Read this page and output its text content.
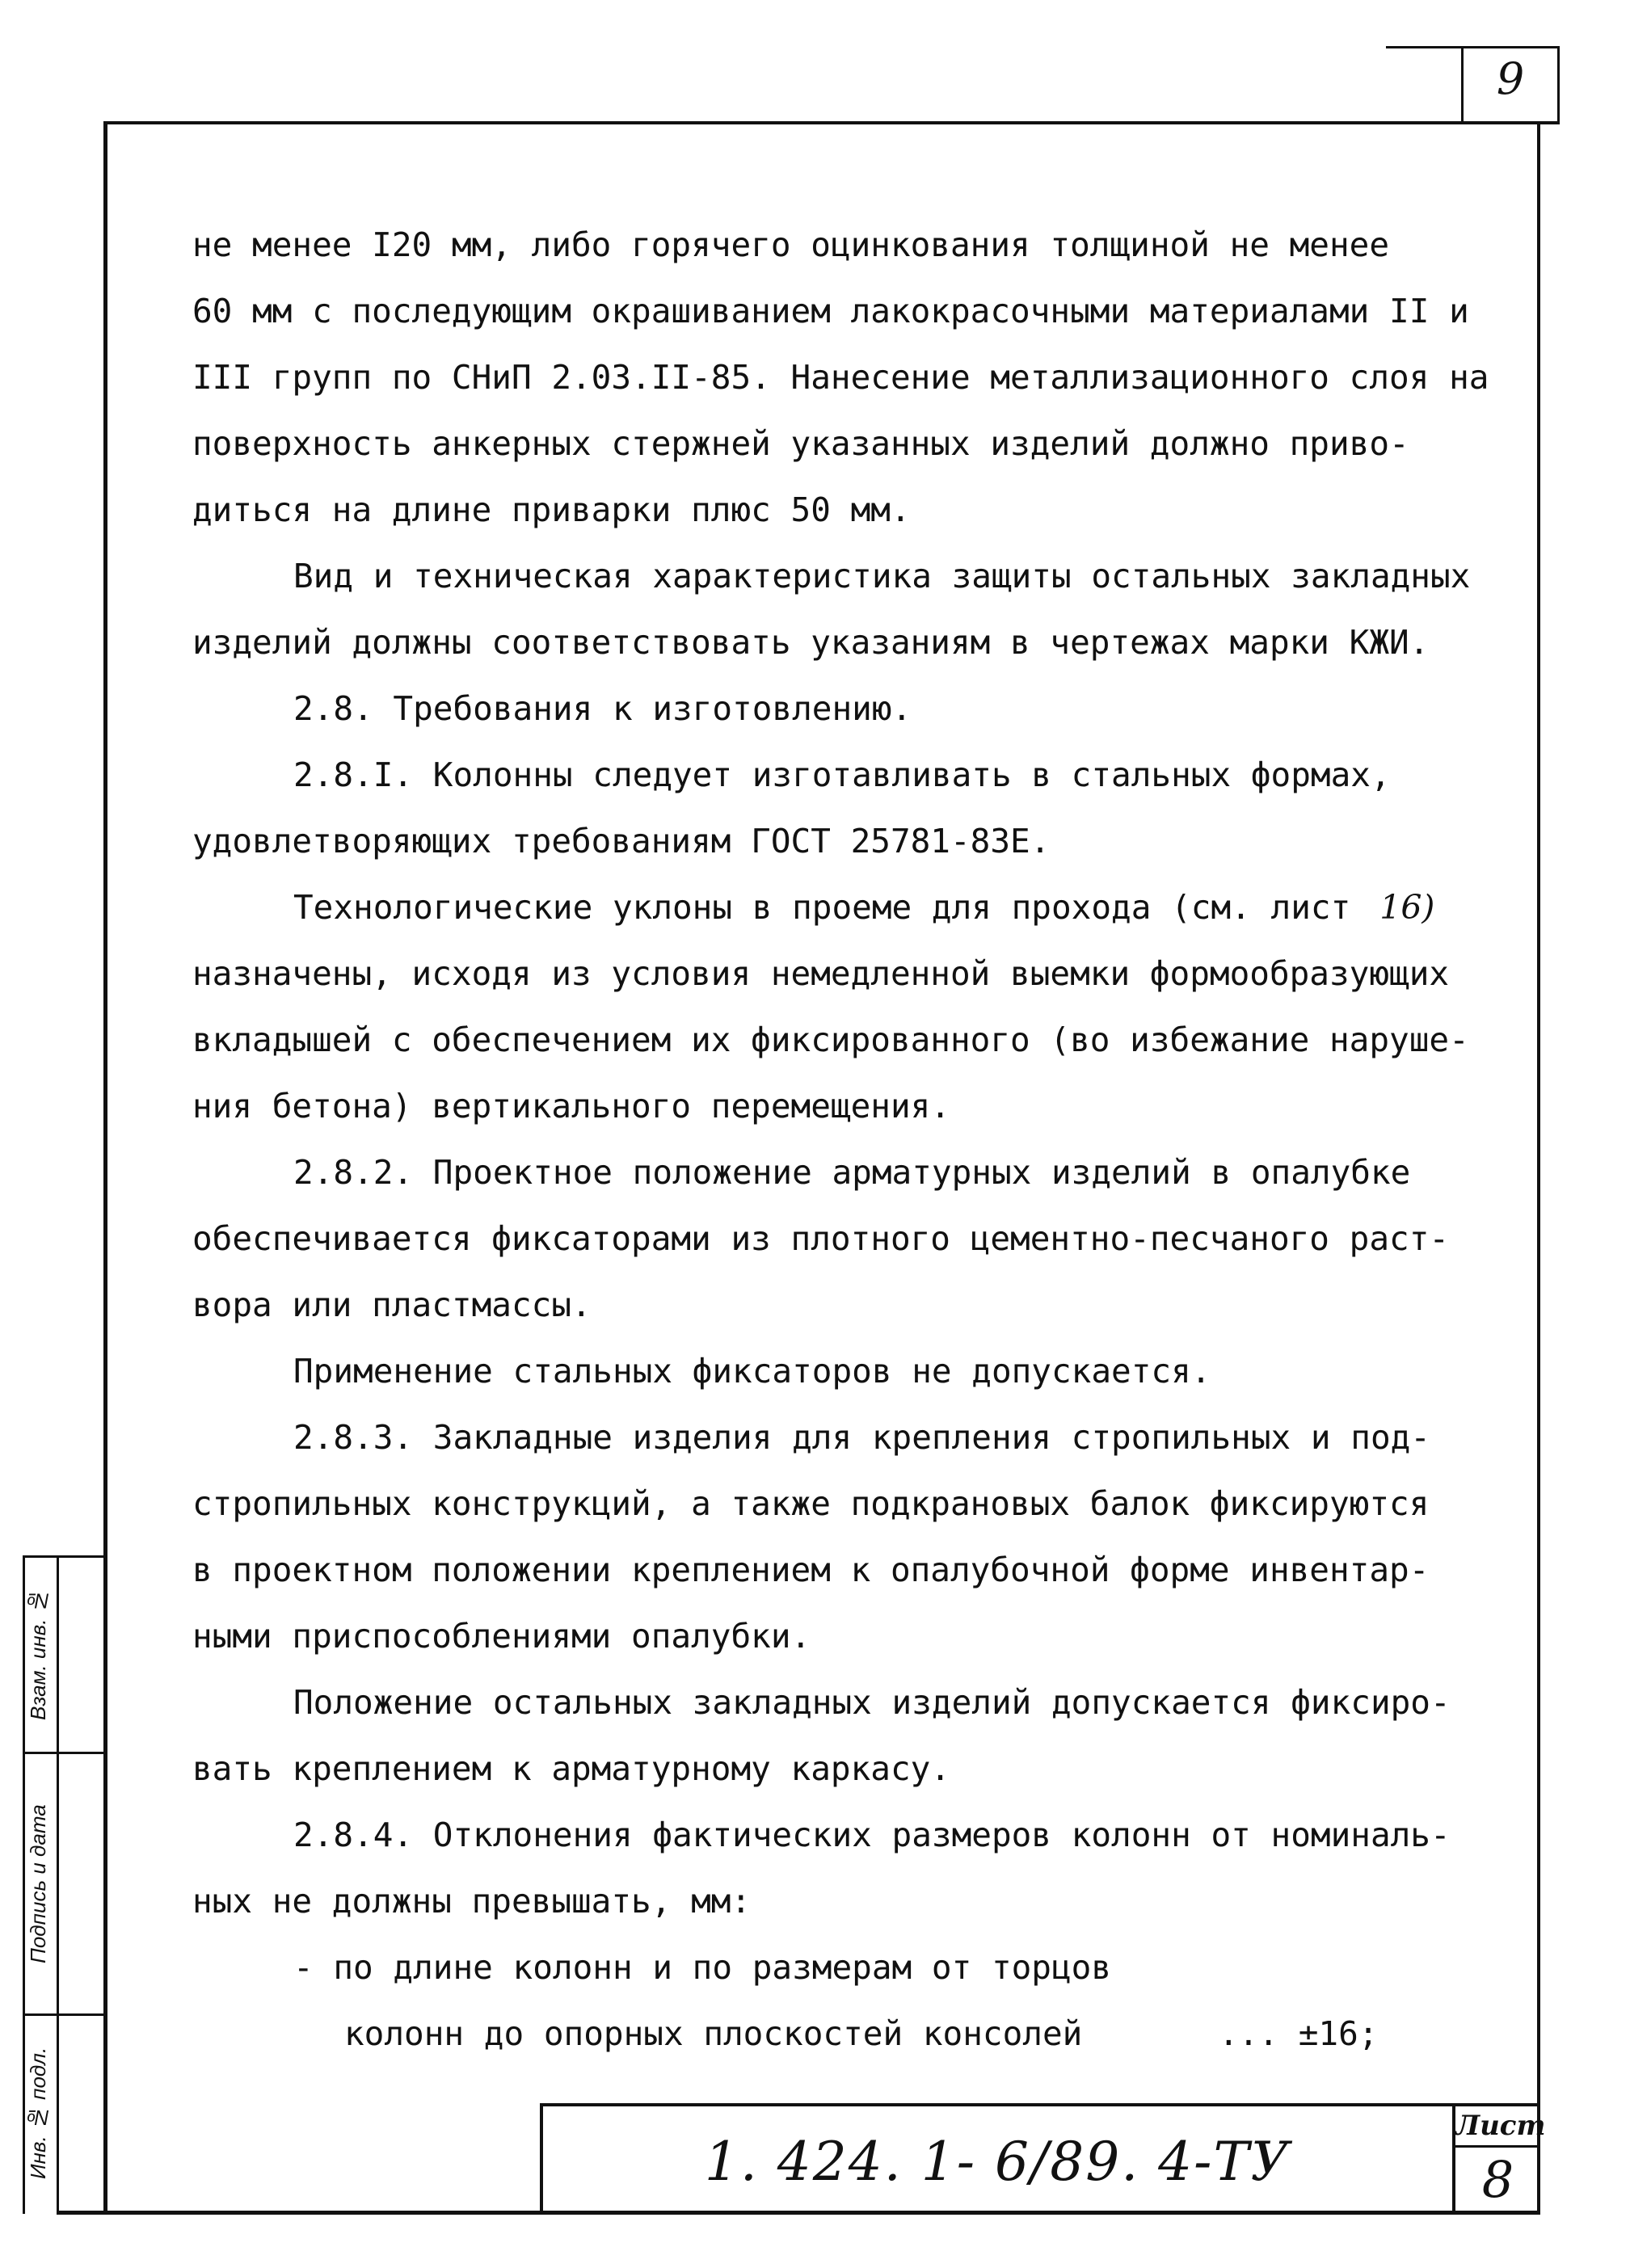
9
Инв. № подл.
Подпись и дата
Взам. инв. №
не менее I20 мм, либо горячего оцинкования толщиной не менее
60 мм с последующим окрашиванием лакокрасочными материалами II и
III групп по СНиП 2.03.II-85. Нанесение металлизационного слоя на
поверхность анкерных стержней указанных изделий должно приво-
диться на длине приварки плюс 50 мм.
Вид и техническая характеристика защиты остальных закладных
изделий должны соответствовать указаниям в чертежах марки КЖИ.
2.8. Требования к изготовлению.
2.8.I. Колонны следует изготавливать в стальных формах,
удовлетворяющих требованиям ГОСТ 25781-83Е.
Технологические уклоны в проеме для прохода (см. лист 16)
назначены, исходя из условия немедленной выемки формообразующих
вкладышей с обеспечением их фиксированного (во избежание наруше-
ния бетона) вертикального перемещения.
2.8.2. Проектное положение арматурных изделий в опалубке
обеспечивается фиксаторами из плотного цементно-песчаного раст-
вора или пластмассы.
Применение стальных фиксаторов не допускается.
2.8.3. Закладные изделия для крепления стропильных и под-
стропильных конструкций, а также подкрановых балок фиксируются
в проектном положении креплением к опалубочной форме инвентар-
ными приспособлениями опалубки.
Положение остальных закладных изделий допускается фиксиро-
вать креплением к арматурному каркасу.
2.8.4. Отклонения фактических размеров колонн от номиналь-
ных не должны превышать, мм:
- по длине колонн и по размерам от торцов
колонн до опорных плоскостей консолей	... ±16;
1. 424. 1- 6/89. 4-ТУ
Лист
8
